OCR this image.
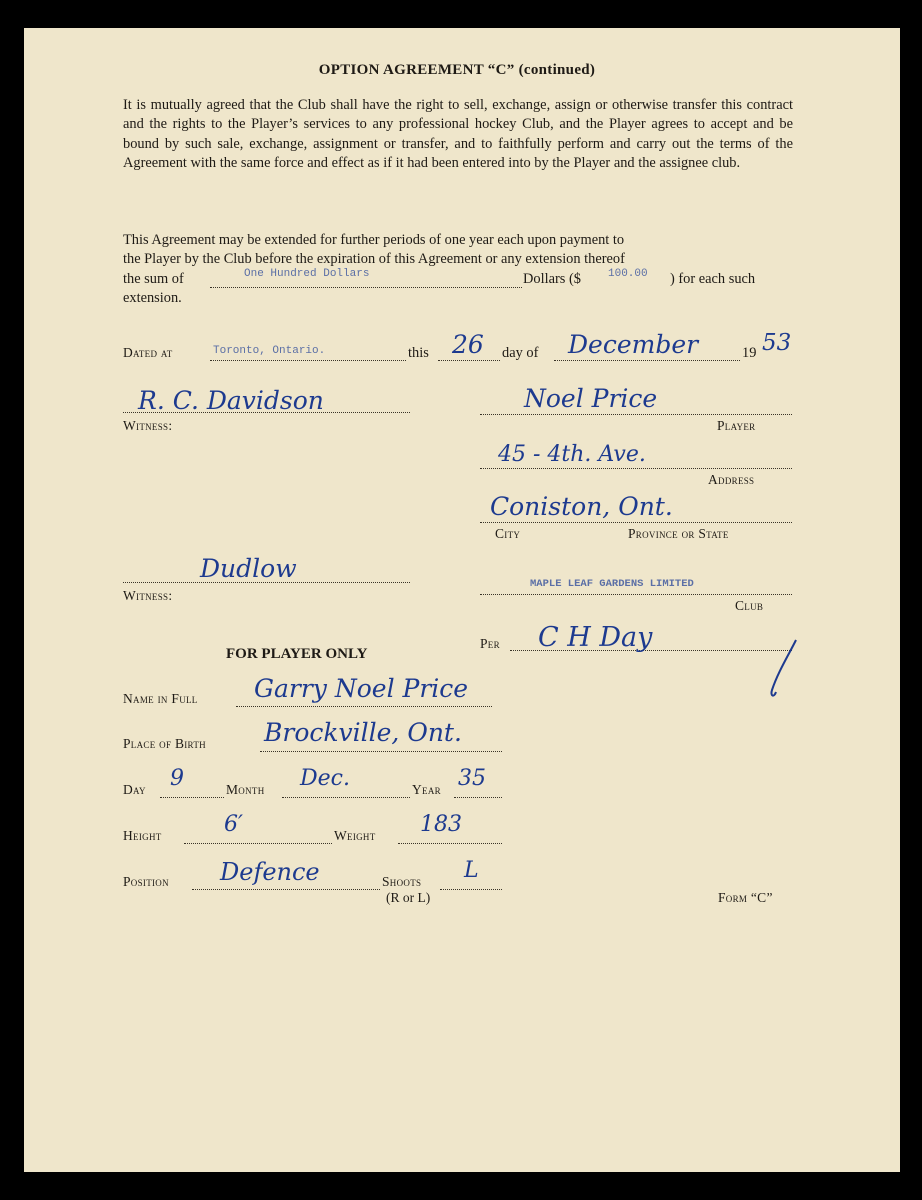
OPTION AGREEMENT “C” (continued)
It is mutually agreed that the Club shall have the right to sell, exchange, assign or otherwise transfer this contract and the rights to the Player’s services to any professional hockey Club, and the Player agrees to accept and be bound by such sale, exchange, assignment or transfer, and to faithfully perform and carry out the terms of the Agreement with the same force and effect as if it had been entered into by the Player and the assignee club.
This Agreement may be extended for further periods of one year each upon payment to
the Player by the Club before the expiration of this Agreement or any extension thereof
the sum of	One Hundred Dollars	Dollars ($ 100.00 ) for each such
extension.
Dated at	Toronto, Ontario.	this 26 day of December	19 53
R. C. Davidson
Witness:
Noel Price
Player
45 - 4th. Ave.
Address
Coniston, Ont.
City	Province or State
Dudlow
Witness:
MAPLE LEAF GARDENS LIMITED
Club
Per C H Day
FOR PLAYER ONLY
Name in Full Garry Noel Price
Place of Birth Brockville, Ont.
Day 9	Month Dec.	Year 35
Height	6′	Weight 183
Position Defence	Shoots L
(R or L)	Form “C”
